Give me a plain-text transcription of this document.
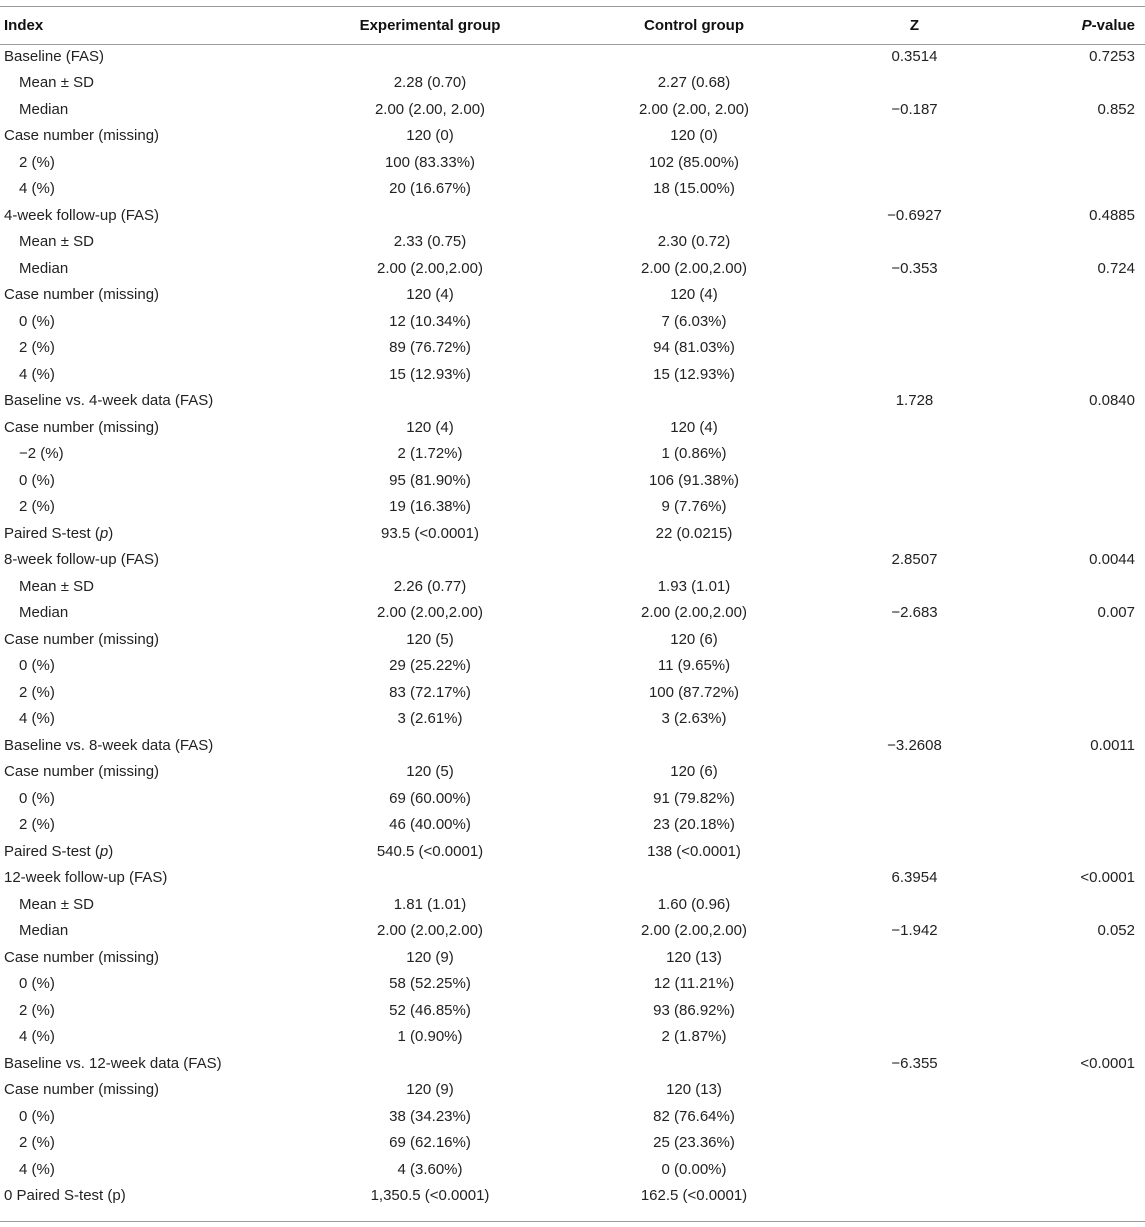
Index	Experimental group	Control group	Z	P-value
Baseline (FAS)			0.3514	0.7253
Mean ± SD	2.28 (0.70)	2.27 (0.68)		
Median	2.00 (2.00, 2.00)	2.00 (2.00, 2.00)	−0.187	0.852
Case number (missing)	120 (0)	120 (0)		
2 (%)	100 (83.33%)	102 (85.00%)		
4 (%)	20 (16.67%)	18 (15.00%)		
4-week follow-up (FAS)			−0.6927	0.4885
Mean ± SD	2.33 (0.75)	2.30 (0.72)		
Median	2.00 (2.00,2.00)	2.00 (2.00,2.00)	−0.353	0.724
Case number (missing)	120 (4)	120 (4)		
0 (%)	12 (10.34%)	7 (6.03%)		
2 (%)	89 (76.72%)	94 (81.03%)		
4 (%)	15 (12.93%)	15 (12.93%)		
Baseline vs. 4-week data (FAS)			1.728	0.0840
Case number (missing)	120 (4)	120 (4)		
−2 (%)	2 (1.72%)	1 (0.86%)		
0 (%)	95 (81.90%)	106 (91.38%)		
2 (%)	19 (16.38%)	9 (7.76%)		
Paired S-test (p)	93.5 (<0.0001)	22 (0.0215)		
8-week follow-up (FAS)			2.8507	0.0044
Mean ± SD	2.26 (0.77)	1.93 (1.01)		
Median	2.00 (2.00,2.00)	2.00 (2.00,2.00)	−2.683	0.007
Case number (missing)	120 (5)	120 (6)		
0 (%)	29 (25.22%)	11 (9.65%)		
2 (%)	83 (72.17%)	100 (87.72%)		
4 (%)	3 (2.61%)	3 (2.63%)		
Baseline vs. 8-week data (FAS)			−3.2608	0.0011
Case number (missing)	120 (5)	120 (6)		
0 (%)	69 (60.00%)	91 (79.82%)		
2 (%)	46 (40.00%)	23 (20.18%)		
Paired S-test (p)	540.5 (<0.0001)	138 (<0.0001)		
12-week follow-up (FAS)			6.3954	<0.0001
Mean ± SD	1.81 (1.01)	1.60 (0.96)		
Median	2.00 (2.00,2.00)	2.00 (2.00,2.00)	−1.942	0.052
Case number (missing)	120 (9)	120 (13)		
0 (%)	58 (52.25%)	12 (11.21%)		
2 (%)	52 (46.85%)	93 (86.92%)		
4 (%)	1 (0.90%)	2 (1.87%)		
Baseline vs. 12-week data (FAS)			−6.355	<0.0001
Case number (missing)	120 (9)	120 (13)		
0 (%)	38 (34.23%)	82 (76.64%)		
2 (%)	69 (62.16%)	25 (23.36%)		
4 (%)	4 (3.60%)	0 (0.00%)		
0 Paired S-test (p)	1,350.5 (<0.0001)	162.5 (<0.0001)		
